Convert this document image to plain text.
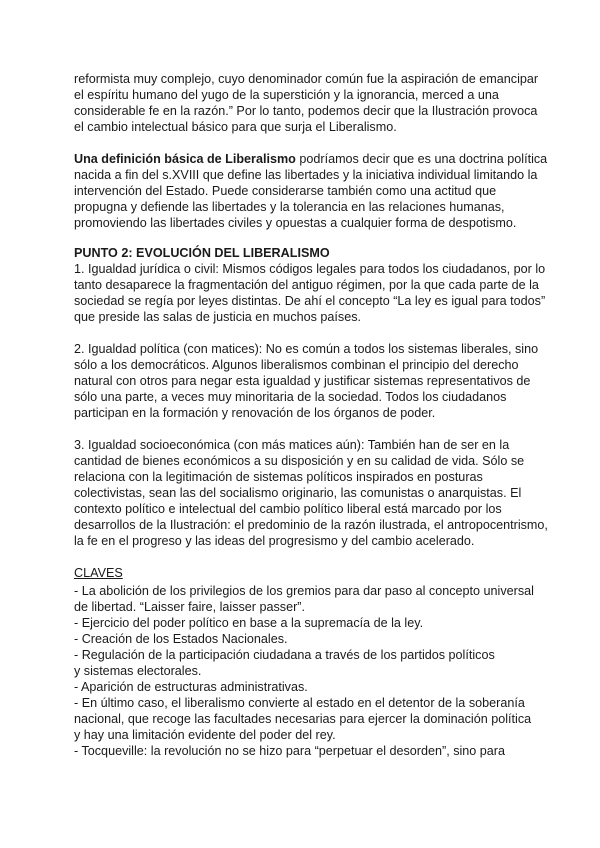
reformista muy complejo, cuyo denominador común fue la aspiración de emancipar
el espíritu humano del yugo de la superstición y la ignorancia, merced a una
considerable fe en la razón.” Por lo tanto, podemos decir que la Ilustración provoca
el cambio intelectual básico para que surja el Liberalismo.
Una definición básica de Liberalismo podríamos decir que es una doctrina política
nacida a fin del s.XVIII que define las libertades y la iniciativa individual limitando la
intervención del Estado. Puede considerarse también como una actitud que
propugna y defiende las libertades y la tolerancia en las relaciones humanas,
promoviendo las libertades civiles y opuestas a cualquier forma de despotismo.
PUNTO 2: EVOLUCIÓN DEL LIBERALISMO
1. Igualdad jurídica o civil: Mismos códigos legales para todos los ciudadanos, por lo
tanto desaparece la fragmentación del antiguo régimen, por la que cada parte de la
sociedad se regía por leyes distintas. De ahí el concepto “La ley es igual para todos”
que preside las salas de justicia en muchos países.
2. Igualdad política (con matices): No es común a todos los sistemas liberales, sino
sólo a los democráticos. Algunos liberalismos combinan el principio del derecho
natural con otros para negar esta igualdad y justificar sistemas representativos de
sólo una parte, a veces muy minoritaria de la sociedad. Todos los ciudadanos
participan en la formación y renovación de los órganos de poder.
3. Igualdad socioeconómica (con más matices aún): También han de ser en la
cantidad de bienes económicos a su disposición y en su calidad de vida. Sólo se
relaciona con la legitimación de sistemas políticos inspirados en posturas
colectivistas, sean las del socialismo originario, las comunistas o anarquistas. El
contexto político e intelectual del cambio político liberal está marcado por los
desarrollos de la Ilustración: el predominio de la razón ilustrada, el antropocentrismo,
la fe en el progreso y las ideas del progresismo y del cambio acelerado.
CLAVES
- La abolición de los privilegios de los gremios para dar paso al concepto universal
de libertad. “Laisser faire, laisser passer”.
- Ejercicio del poder político en base a la supremacía de la ley.
- Creación de los Estados Nacionales.
- Regulación de la participación ciudadana a través de los partidos políticos
y sistemas electorales.
- Aparición de estructuras administrativas.
- En último caso, el liberalismo convierte al estado en el detentor de la soberanía
nacional, que recoge las facultades necesarias para ejercer la dominación política
y hay una limitación evidente del poder del rey.
- Tocqueville: la revolución no se hizo para “perpetuar el desorden”, sino para
